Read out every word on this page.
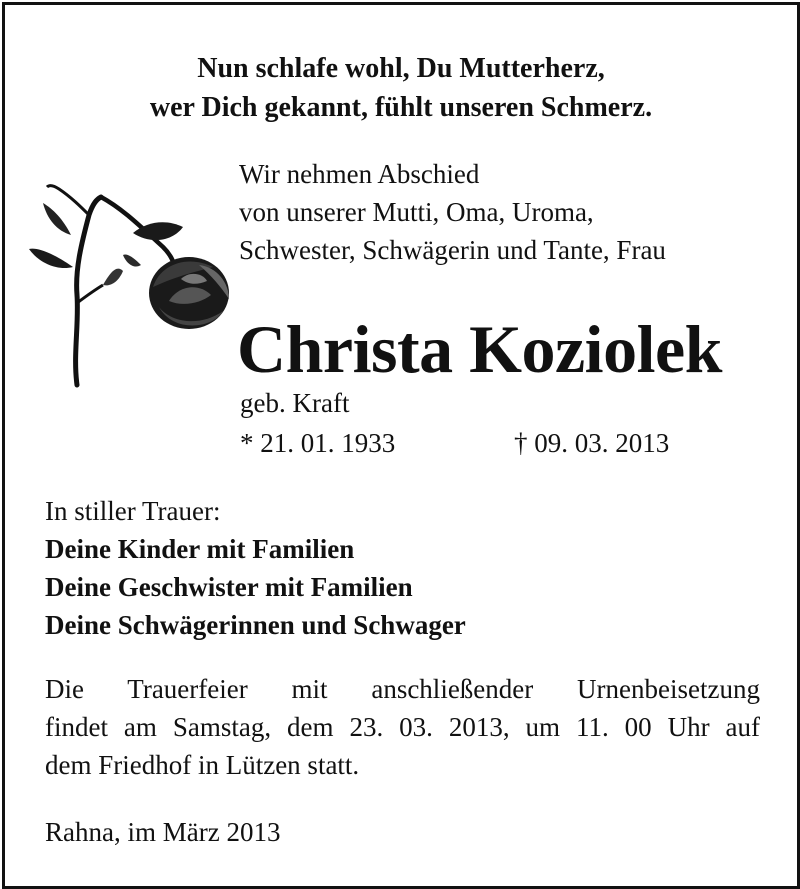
Nun schlafe wohl, Du Mutterherz,
wer Dich gekannt, fühlt unseren Schmerz.
Wir nehmen Abschied
von unserer Mutti, Oma, Uroma,
Schwester, Schwägerin und Tante, Frau
Christa Koziolek
geb. Kraft
* 21. 01. 1933	† 09. 03. 2013
In stiller Trauer:
Deine Kinder mit Familien
Deine Geschwister mit Familien
Deine Schwägerinnen und Schwager
Die Trauerfeier mit anschließender Urnenbeisetzung
findet am Samstag, dem 23. 03. 2013, um 11. 00 Uhr auf
dem Friedhof in Lützen statt.
Rahna, im März 2013
